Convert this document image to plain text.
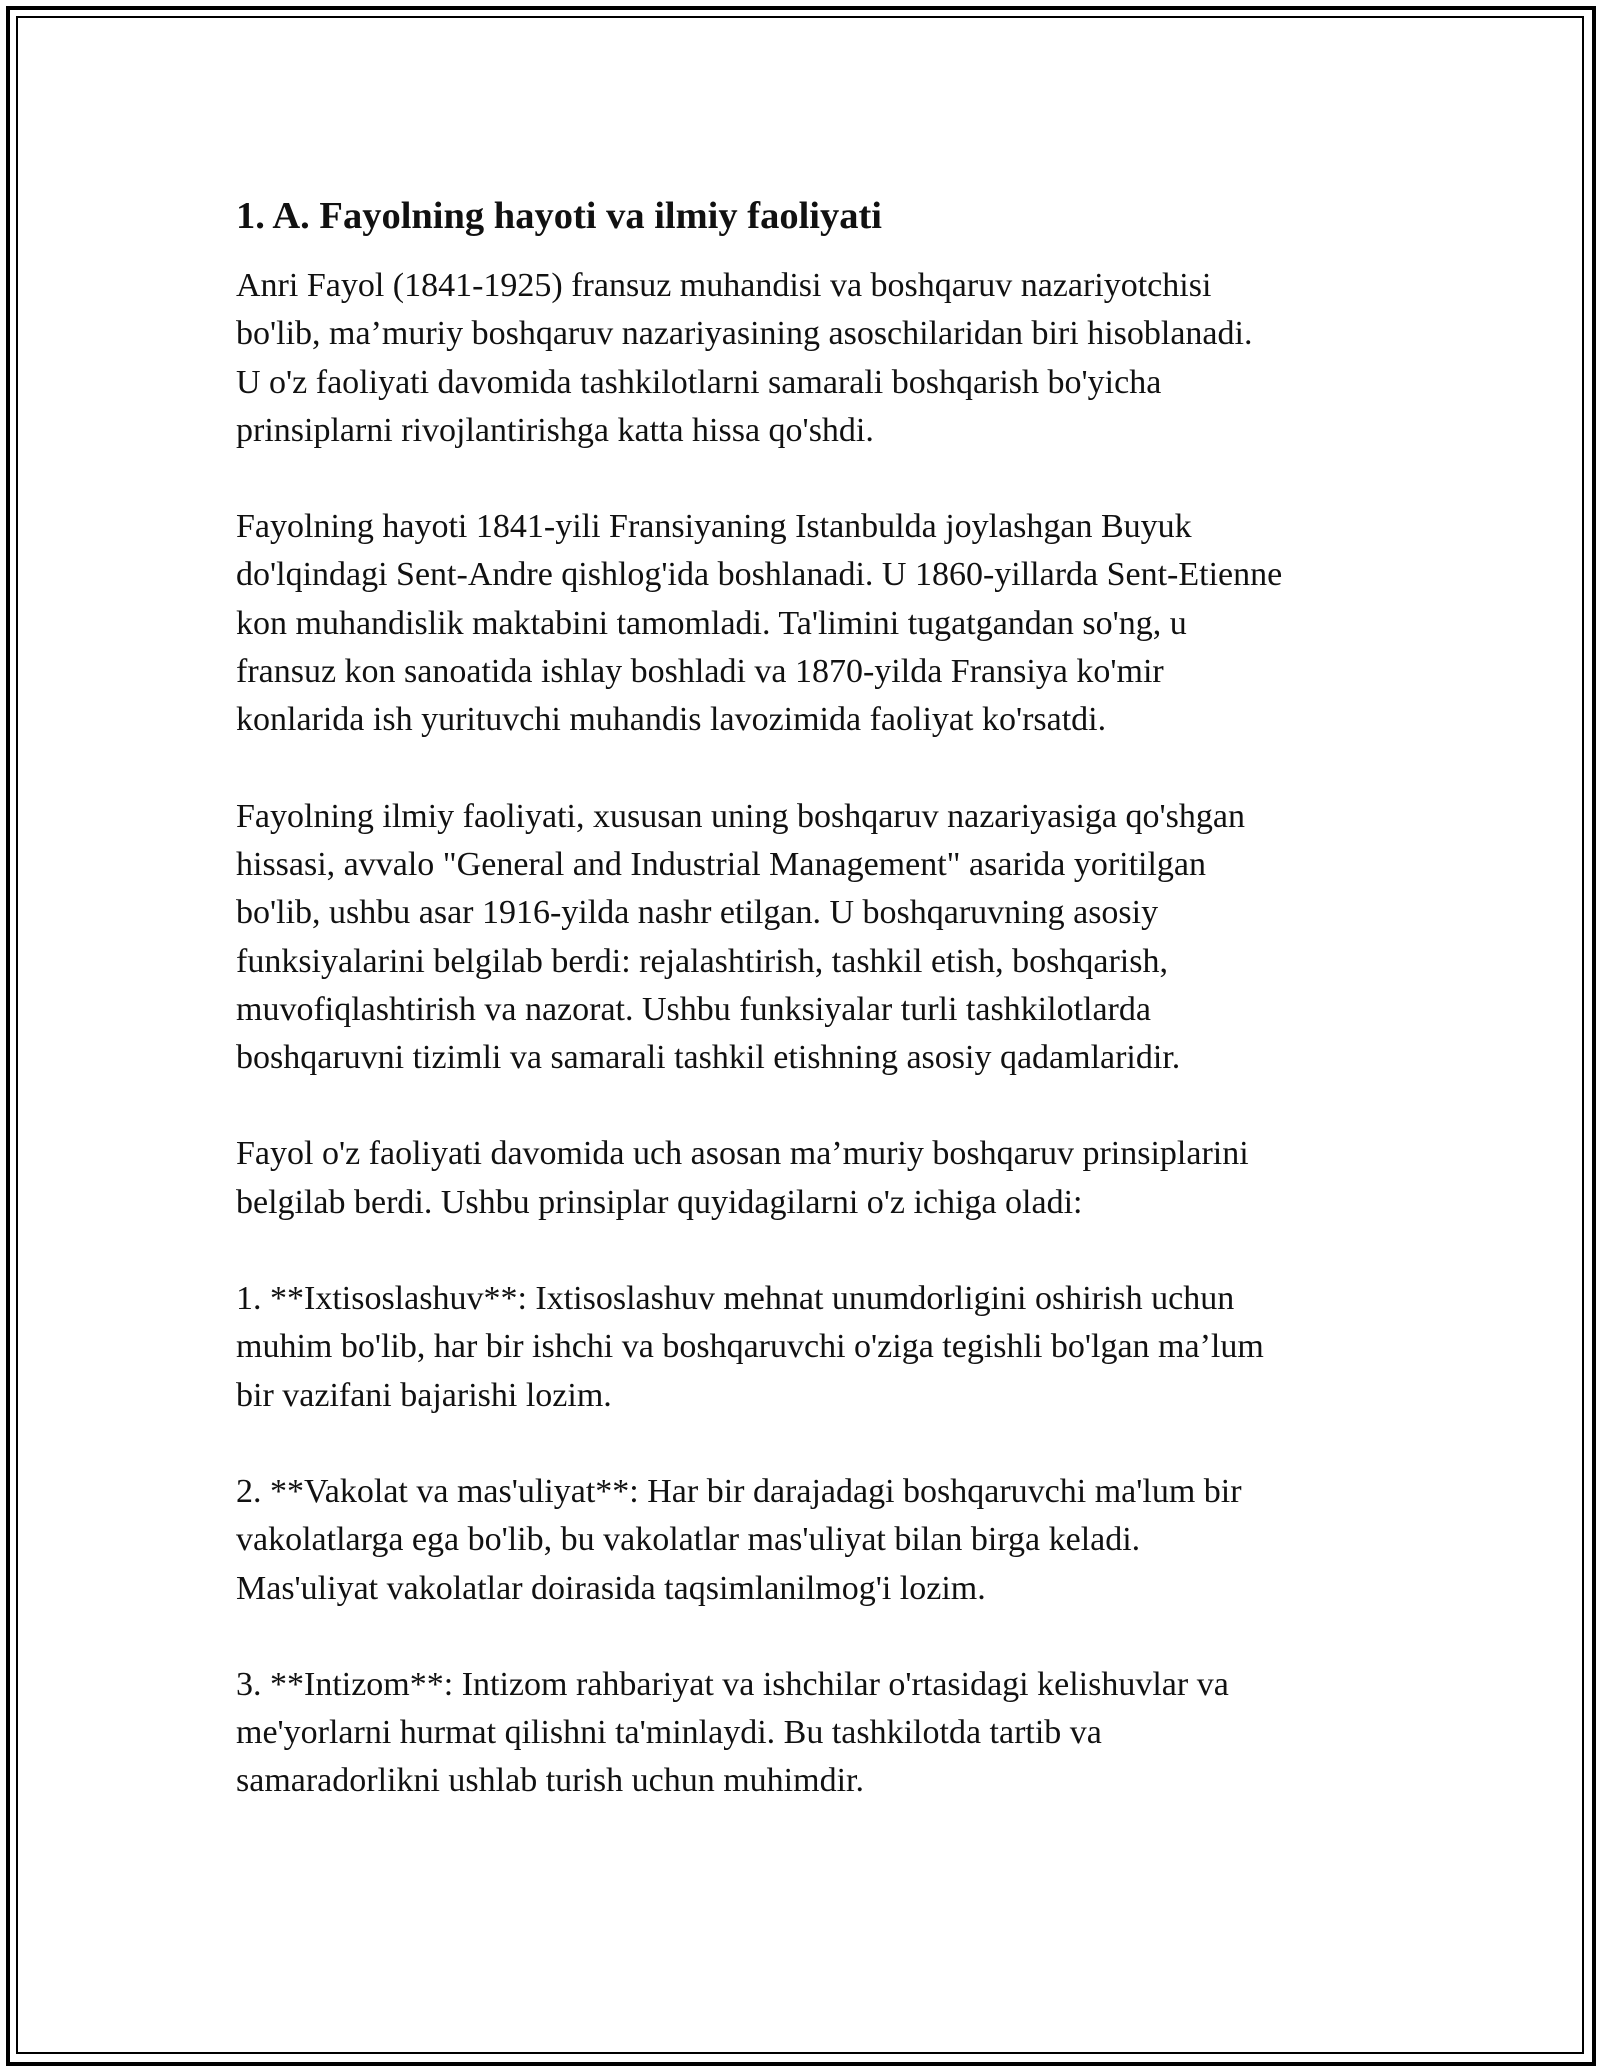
1. A. Fayolning hayoti va ilmiy faoliyati

Anri Fayol (1841-1925) fransuz muhandisi va boshqaruv nazariyotchisi
bo'lib, ma’muriy boshqaruv nazariyasining asoschilaridan biri hisoblanadi.
U o'z faoliyati davomida tashkilotlarni samarali boshqarish bo'yicha
prinsiplarni rivojlantirishga katta hissa qo'shdi.

Fayolning hayoti 1841-yili Fransiyaning Istanbulda joylashgan Buyuk
do'lqindagi Sent-Andre qishlog'ida boshlanadi. U 1860-yillarda Sent-Etienne
kon muhandislik maktabini tamomladi. Ta'limini tugatgandan so'ng, u
fransuz kon sanoatida ishlay boshladi va 1870-yilda Fransiya ko'mir
konlarida ish yurituvchi muhandis lavozimida faoliyat ko'rsatdi.

Fayolning ilmiy faoliyati, xususan uning boshqaruv nazariyasiga qo'shgan
hissasi, avvalo "General and Industrial Management" asarida yoritilgan
bo'lib, ushbu asar 1916-yilda nashr etilgan. U boshqaruvning asosiy
funksiyalarini belgilab berdi: rejalashtirish, tashkil etish, boshqarish,
muvofiqlashtirish va nazorat. Ushbu funksiyalar turli tashkilotlarda
boshqaruvni tizimli va samarali tashkil etishning asosiy qadamlaridir.

Fayol o'z faoliyati davomida uch asosan ma’muriy boshqaruv prinsiplarini
belgilab berdi. Ushbu prinsiplar quyidagilarni o'z ichiga oladi:

1. **Ixtisoslashuv**: Ixtisoslashuv mehnat unumdorligini oshirish uchun
muhim bo'lib, har bir ishchi va boshqaruvchi o'ziga tegishli bo'lgan ma’lum
bir vazifani bajarishi lozim.

2. **Vakolat va mas'uliyat**: Har bir darajadagi boshqaruvchi ma'lum bir
vakolatlarga ega bo'lib, bu vakolatlar mas'uliyat bilan birga keladi.
Mas'uliyat vakolatlar doirasida taqsimlanilmog'i lozim.

3. **Intizom**: Intizom rahbariyat va ishchilar o'rtasidagi kelishuvlar va
me'yorlarni hurmat qilishni ta'minlaydi. Bu tashkilotda tartib va
samaradorlikni ushlab turish uchun muhimdir.
